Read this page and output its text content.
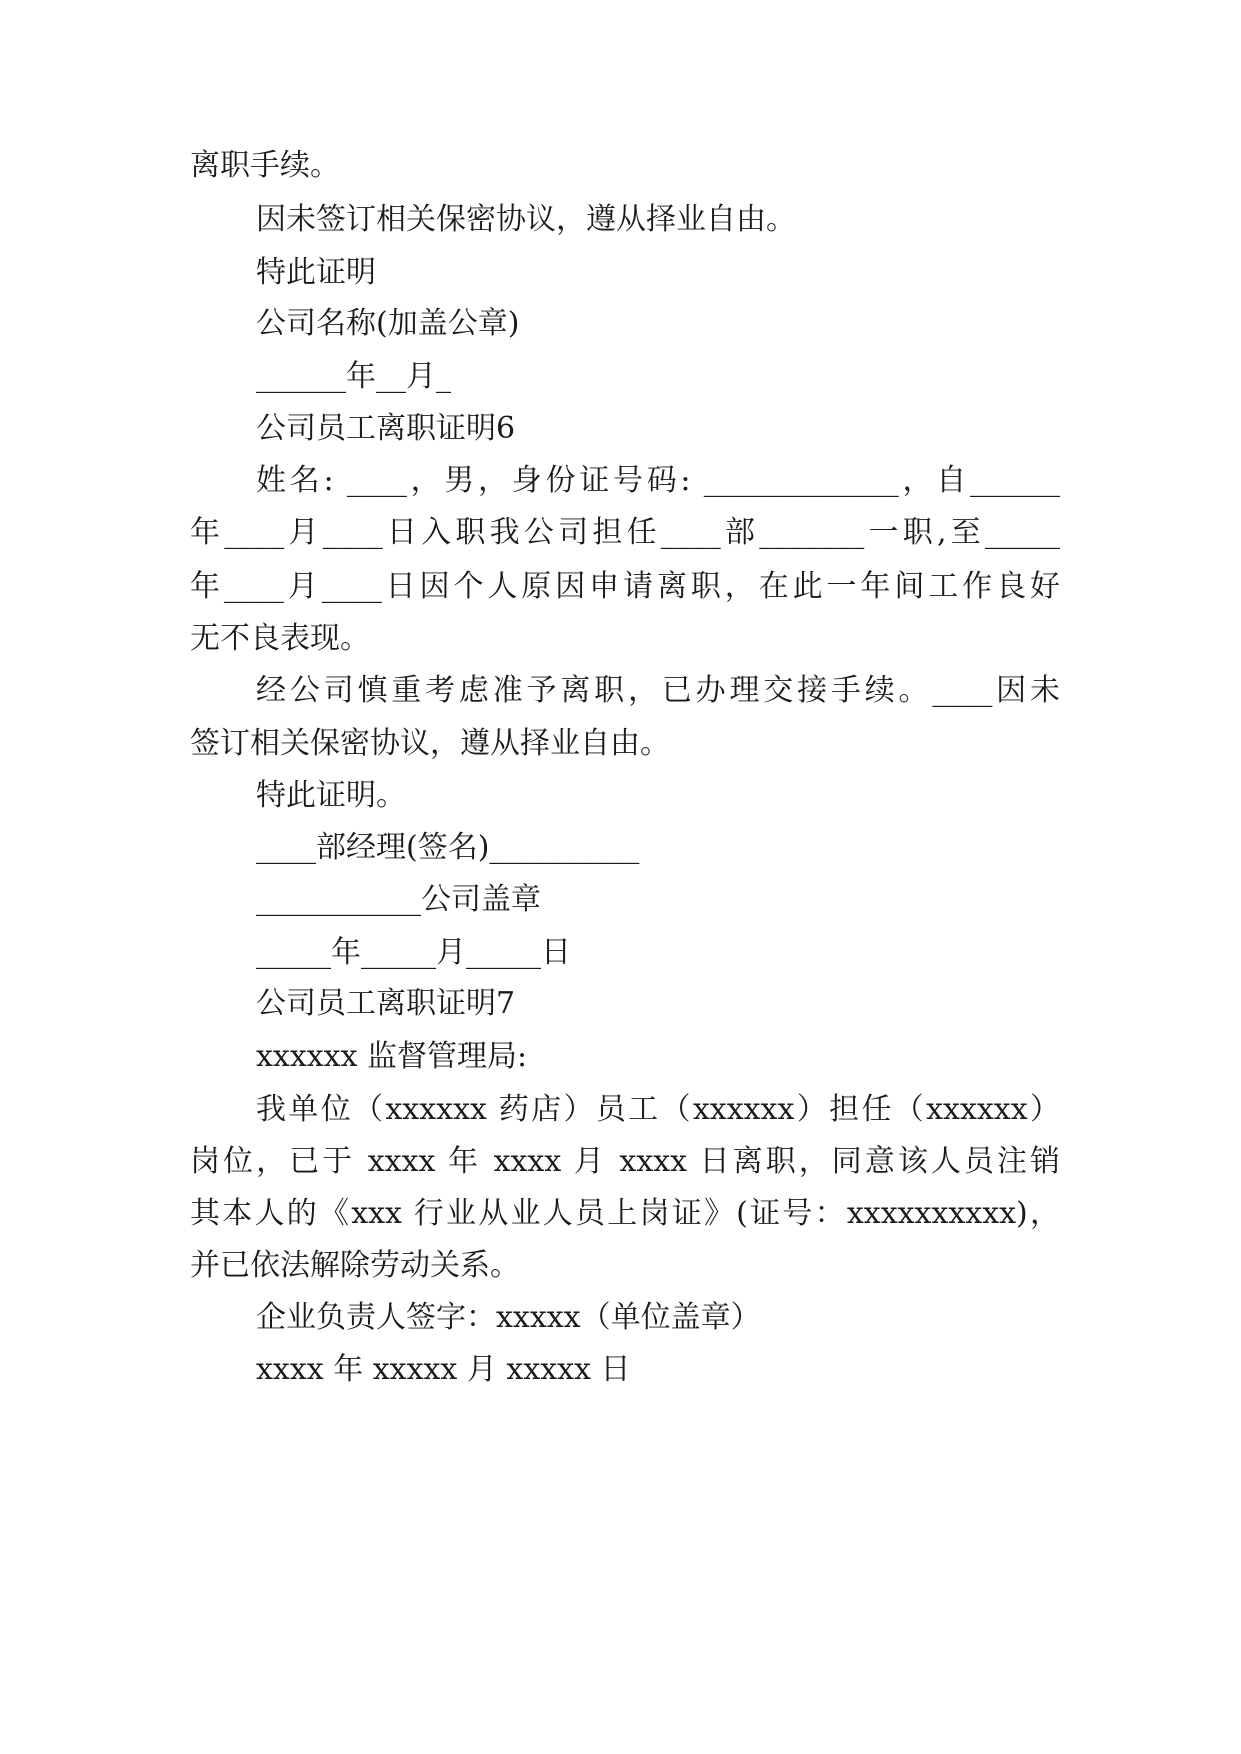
离职手续。
因未签订相关保密协议，遵从择业自由。
特此证明
公司名称(加盖公章)
______年__月_
公司员工离职证明6
姓名: ____，男，身份证号码: _____________，自______
年____月____日入职我公司担任____部_______一职,至_____
年____月____日因个人原因申请离职，在此一年间工作良好
无不良表现。
经公司慎重考虑准予离职，已办理交接手续。____因未
签订相关保密协议，遵从择业自由。
特此证明。
____部经理(签名)__________
___________公司盖章
_____年_____月_____日
公司员工离职证明7
xxxxxx 监督管理局:
我单位（xxxxxx 药店）员工（xxxxxx）担任（xxxxxx）
岗位，已于 xxxx 年 xxxx 月 xxxx 日离职，同意该人员注销
其本人的《xxx 行业从业人员上岗证》(证号：xxxxxxxxxx)，
并已依法解除劳动关系。
企业负责人签字：xxxxx（单位盖章）
xxxx 年 xxxxx 月 xxxxx 日
